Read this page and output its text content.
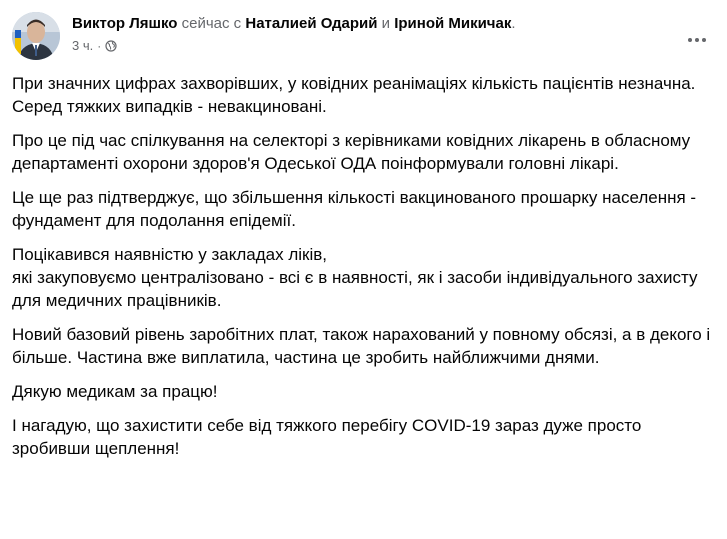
Виктор Ляшко сейчас с Наталией Одарий и Іриной Микичак.
3 ч. ·

При значних цифрах захворівших, у ковідних реанімаціях кількість пацієнтів незначна. Серед тяжких випадків - невакциновані.

Про це під час спілкування на селекторі з керівниками ковідних лікарень в обласному департаменті охорони здоров'я Одеської ОДА поінформували головні лікарі.

Це ще раз підтверджує, що збільшення кількості вакцинованого прошарку населення - фундамент для подолання епідемії.

Поцікавився наявністю у закладах ліків,
які закуповуємо централізовано - всі є в наявності, як і засоби індивідуального захисту для медичних працівників.

Новий базовий рівень заробітних плат, також нарахований у повному обсязі, а в декого і більше. Частина вже виплатила, частина це зробить найближчими днями.

Дякую медикам за працю!

І нагадую, що захистити себе від тяжкого перебігу COVID-19 зараз дуже просто зробивши щеплення!
